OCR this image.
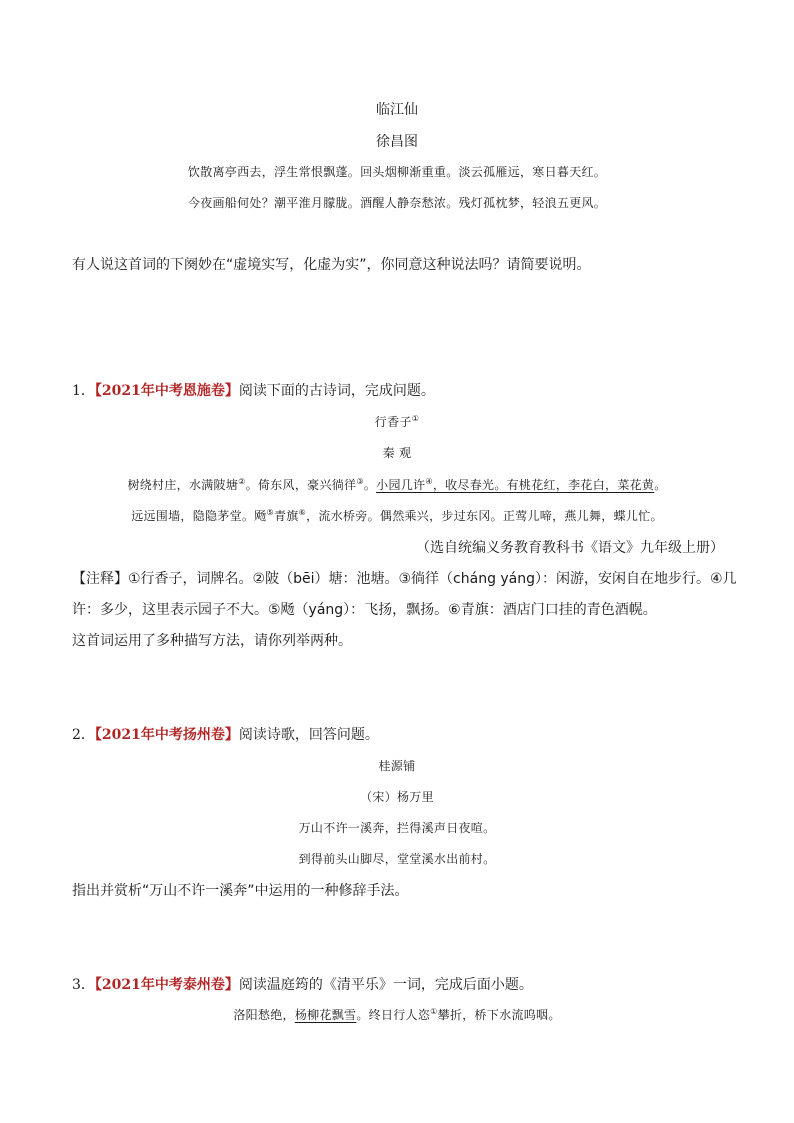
临江仙
徐昌图
饮散离亭西去，浮生常恨飘蓬。回头烟柳渐重重。淡云孤雁远，寒日暮天红。
今夜画船何处？潮平淮月朦胧。酒醒人静奈愁浓。残灯孤枕梦，轻浪五更风。
有人说这首词的下阕妙在“虚境实写，化虚为实”，你同意这种说法吗？请简要说明。
1．【2021年中考恩施卷】阅读下面的古诗词，完成问题。
行香子①
秦 观
树绕村庄，水满陂塘②。倚东风，豪兴徜徉③。小园几许④，收尽春光。有桃花红，李花白，菜花黄。
远远围墙，隐隐茅堂。飏⑤青旗⑥，流水桥旁。偶然乘兴，步过东冈。正莺儿啼，燕儿舞，蝶儿忙。
（选自统编义务教育教科书《语文》九年级上册）
【注释】①行香子，词牌名。②陂（bēi）塘：池塘。③徜徉（cháng yáng）：闲游，安闲自在地步行。④几
许：多少，这里表示园子不大。⑤飏（yáng）：飞扬，飘扬。⑥青旗：酒店门口挂的青色酒幌。
这首词运用了多种描写方法，请你列举两种。
2．【2021年中考扬州卷】阅读诗歌，回答问题。
桂源铺
（宋）杨万里
万山不许一溪奔，拦得溪声日夜喧。
到得前头山脚尽，堂堂溪水出前村。
指出并赏析“万山不许一溪奔”中运用的一种修辞手法。
3．【2021年中考泰州卷】阅读温庭筠的《清平乐》一词，完成后面小题。
洛阳愁绝，杨柳花飘雪。终日行人恣①攀折，桥下水流呜咽。
